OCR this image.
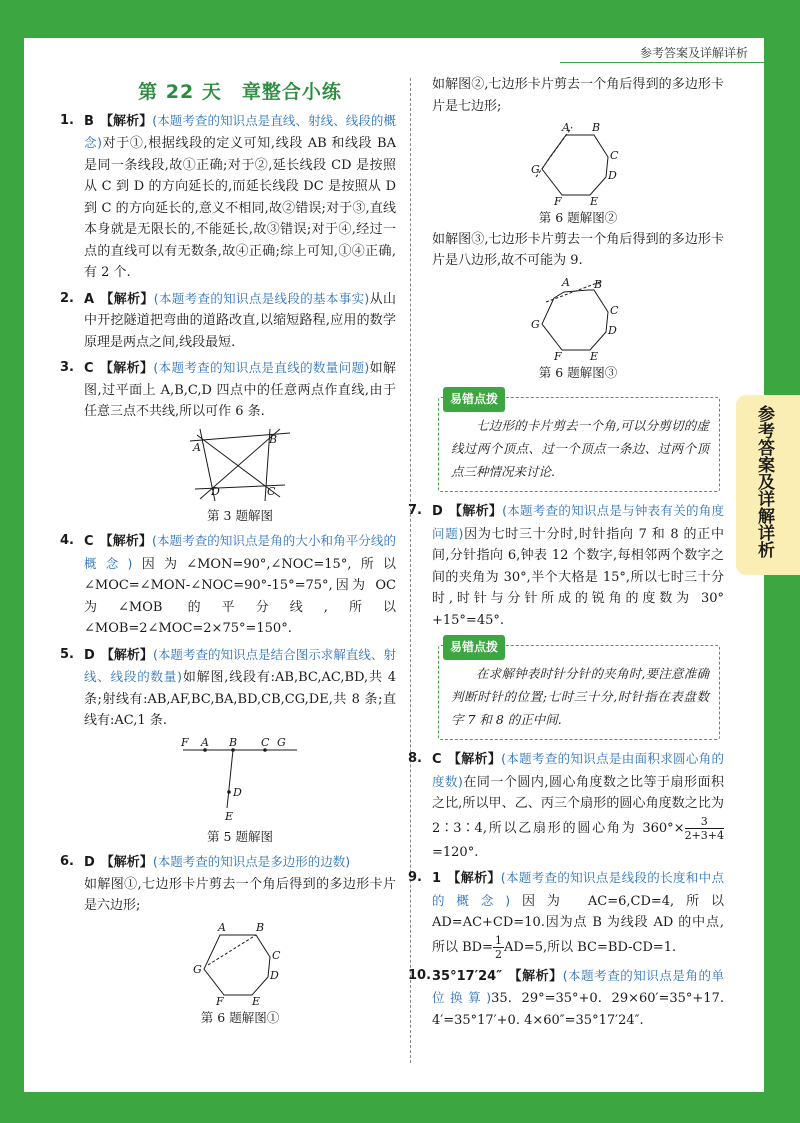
参考答案及详解详析
参考答案及详解详析
第 22 天　章整合小练
1. B 【解析】(本题考查的知识点是直线、射线、线段的概念)对于①,根据线段的定义可知,线段 AB 和线段 BA 是同一条线段,故①正确;对于②,延长线段 CD 是按照从 C 到 D 的方向延长的,而延长线段 DC 是按照从 D 到 C 的方向延长的,意义不相同,故②错误;对于③,直线本身就是无限长的,不能延长,故③错误;对于④,经过一点的直线可以有无数条,故④正确;综上可知,①④正确,有 2 个.
2. A 【解析】(本题考查的知识点是线段的基本事实)从山中开挖隧道把弯曲的道路改直,以缩短路程,应用的数学原理是两点之间,线段最短.
3. C 【解析】(本题考查的知识点是直线的数量问题)如解图,过平面上 A,B,C,D 四点中的任意两点作直线,由于任意三点不共线,所以可作 6 条.
A
B
D	C
第 3 题解图
4. C 【解析】(本题考查的知识点是角的大小和角平分线的概念)因为∠MON=90°,∠NOC=15°,所以∠MOC=∠MON-∠NOC=90°-15°=75°,因为 OC 为∠MOB 的平分线,所以∠MOB=2∠MOC=2×75°=150°.
5. D 【解析】(本题考查的知识点是结合图示求解直线、射线、线段的数量)如解图,线段有:AB,BC,AC,BD,共 4 条;射线有:AB,AF,BC,BA,BD,CB,CG,DE,共 8 条;直线有:AC,1 条.
F A B C G
D
E
第 5 题解图
6. D 【解析】(本题考查的知识点是多边形的边数)
如解图①,七边形卡片剪去一个角后得到的多边形卡片是六边形;
A	B
C
D
E
F
G
第 6 题解图①
如解图②,七边形卡片剪去一个角后得到的多边形卡片是七边形;
A B
C
D
E
F
G
第 6 题解图②
如解图③,七边形卡片剪去一个角后得到的多边形卡片是八边形,故不可能为 9.
A B
C
D
E
F
G
第 6 题解图③
易错点拨
七边形的卡片剪去一个角,可以分剪切的虚线过两个顶点、过一个顶点一条边、过两个顶点三种情况来讨论.
7. D 【解析】(本题考查的知识点是与钟表有关的角度问题)因为七时三十分时,时针指向 7 和 8 的正中间,分针指向 6,钟表 12 个数字,每相邻两个数字之间的夹角为 30°,半个大格是 15°,所以七时三十分时,时针与分针所成的锐角的度数为 30°+15°=45°.
易错点拨
在求解钟表时针分针的夹角时,要注意准确判断时针的位置;七时三十分,时针指在表盘数字 7 和 8 的正中间.
8. C 【解析】(本题考查的知识点是由面积求圆心角的度数)在同一个圆内,圆心角度数之比等于扇形面积之比,所以甲、乙、丙三个扇形的圆心角度数之比为 2∶3∶4,所以乙扇形的圆心角为 $360^\circ\times \frac{3}{2+3+4}$
=120°.
9. 1 【解析】(本题考查的知识点是线段的长度和中点的概念)因为 AC=6,CD=4,所以 AD=AC+CD=10.因为点 B 为线段 AD 的中点,所以 $BD= \frac{1}{2} AD=5$,所以 BC=BD-CD=1.
10. 35°17′24″ 【解析】(本题考查的知识点是角的单位换算)35. 29°=35°+0. 29×60′=35°+17. 4′=35°17′+0. 4×60″=35°17′24″.
